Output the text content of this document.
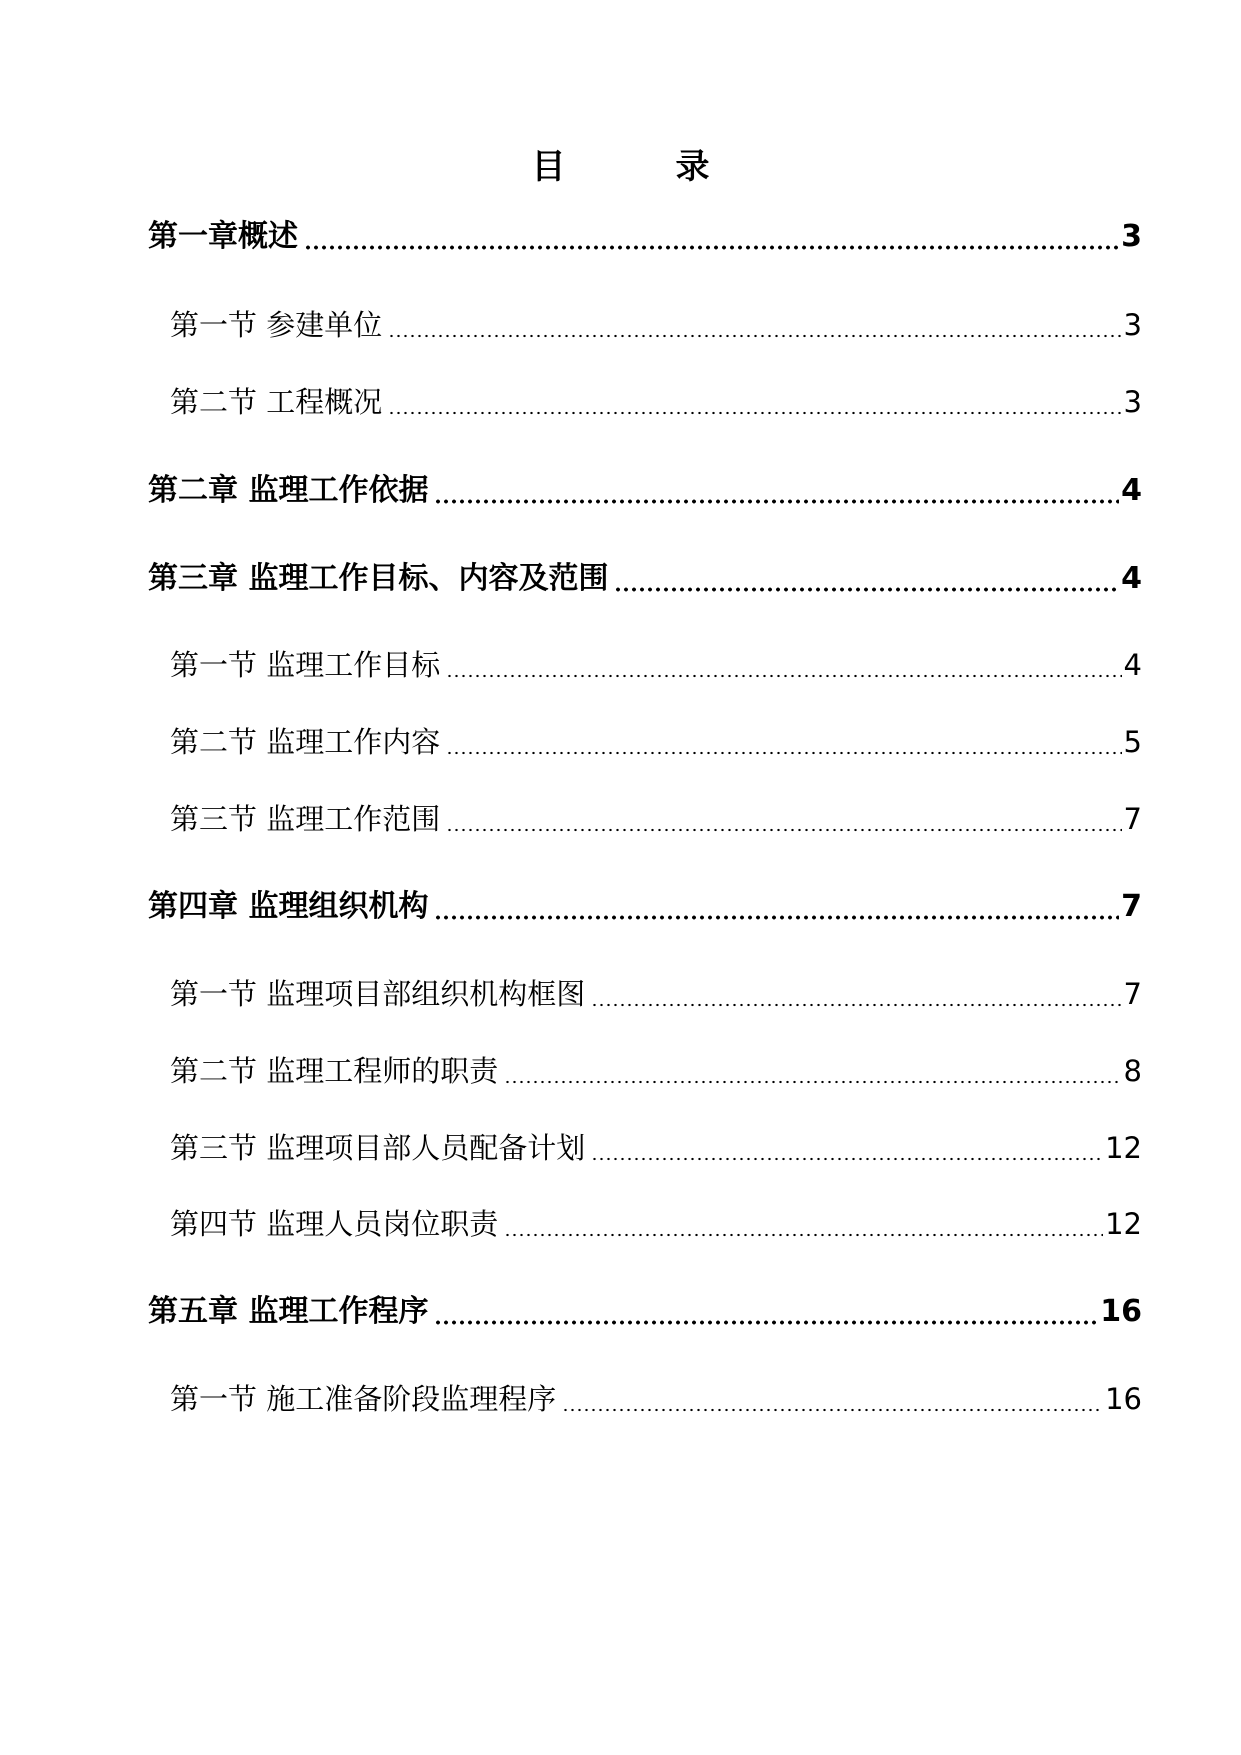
目	录
第一章概述	3
第一节 参建单位	3
第二节 工程概况	3
第二章 监理工作依据	4
第三章 监理工作目标、内容及范围	4
第一节 监理工作目标	4
第二节 监理工作内容	5
第三节 监理工作范围	7
第四章 监理组织机构	7
第一节 监理项目部组织机构框图	7
第二节 监理工程师的职责	8
第三节 监理项目部人员配备计划	12
第四节 监理人员岗位职责	12
第五章 监理工作程序	16
第一节 施工准备阶段监理程序	16
